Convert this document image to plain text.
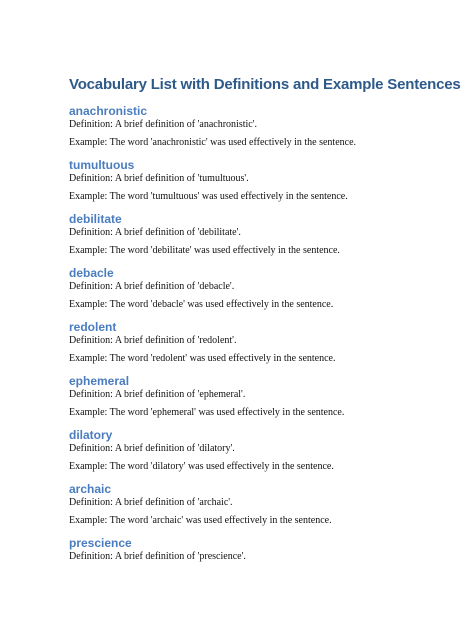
Vocabulary List with Definitions and Example Sentences

anachronistic

Definition: A brief definition of 'anachronistic'.

Example: The word 'anachronistic' was used effectively in the sentence.

tumultuous

Definition: A brief definition of 'tumultuous'.

Example: The word 'tumultuous' was used effectively in the sentence.

debilitate

Definition: A brief definition of 'debilitate'.

Example: The word 'debilitate' was used effectively in the sentence.

debacle

Definition: A brief definition of 'debacle'.

Example: The word 'debacle' was used effectively in the sentence.

redolent

Definition: A brief definition of 'redolent'.

Example: The word 'redolent' was used effectively in the sentence.

ephemeral

Definition: A brief definition of 'ephemeral'.

Example: The word 'ephemeral' was used effectively in the sentence.

dilatory

Definition: A brief definition of 'dilatory'.

Example: The word 'dilatory' was used effectively in the sentence.

archaic

Definition: A brief definition of 'archaic'.

Example: The word 'archaic' was used effectively in the sentence.

prescience

Definition: A brief definition of 'prescience'.
